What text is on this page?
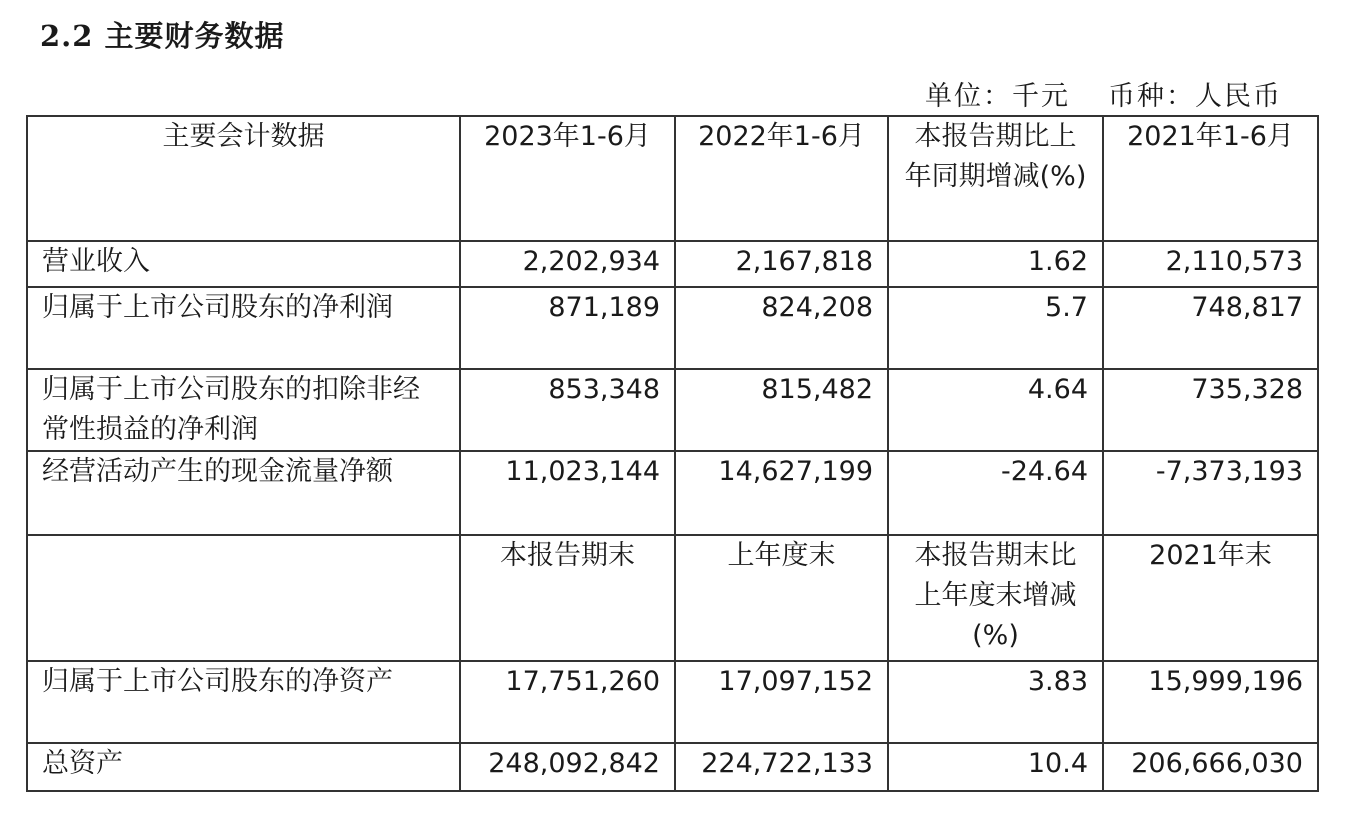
2.2 主要财务数据
单位：千元 币种：人民币
主要会计数据	2023年1-6月	2022年1-6月	本报告期比上年同期增减(%)	2021年1-6月
营业收入	2,202,934	2,167,818	1.62	2,110,573
归属于上市公司股东的净利润	871,189	824,208	5.7	748,817
归属于上市公司股东的扣除非经常性损益的净利润	853,348	815,482	4.64	735,328
经营活动产生的现金流量净额	11,023,144	14,627,199	-24.64	-7,373,193
	本报告期末	上年度末	本报告期末比上年度末增减(%)	2021年末
归属于上市公司股东的净资产	17,751,260	17,097,152	3.83	15,999,196
总资产	248,092,842	224,722,133	10.4	206,666,030
